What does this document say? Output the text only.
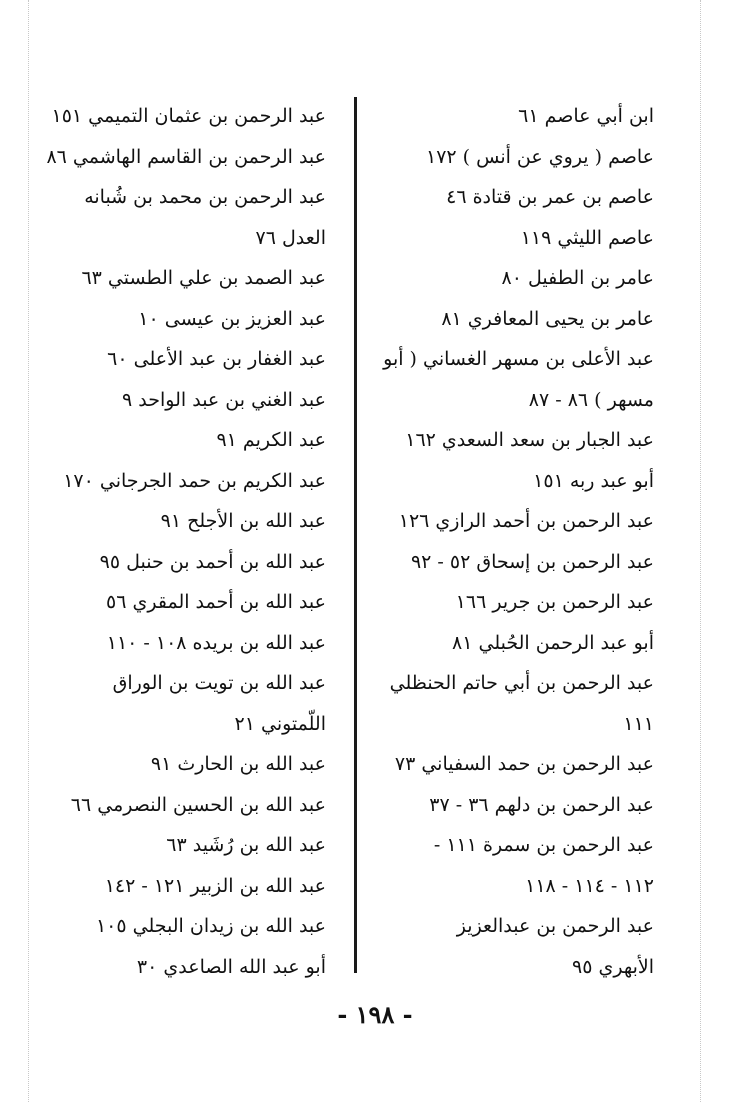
ابن أبي عاصم ٦١
عاصم ( يروي عن أنس ) ١٧٢
عاصم بن عمر بن قتادة ٤٦
عاصم الليثي ١١٩
عامر بن الطفيل ٨٠
عامر بن يحيى المعافري ٨١
عبد الأعلى بن مسهر الغساني ( أبو
مسهر ) ٨٦ - ٨٧
عبد الجبار بن سعد السعدي ١٦٢
أبو عبد ربه ١٥١
عبد الرحمن بن أحمد الرازي ١٢٦
عبد الرحمن بن إسحاق ٥٢ - ٩٢
عبد الرحمن بن جرير ١٦٦
أبو عبد الرحمن الحُبلي ٨١
عبد الرحمن بن أبي حاتم الحنظلي
١١١
عبد الرحمن بن حمد السفياني ٧٣
عبد الرحمن بن دلهم ٣٦ - ٣٧
عبد الرحمن بن سمرة ١١١ -
١١٢ - ١١٤ - ١١٨
عبد الرحمن بن عبدالعزيز
الأبهري ٩٥
عبد الرحمن بن عثمان التميمي ١٥١
عبد الرحمن بن القاسم الهاشمي ٨٦
عبد الرحمن بن محمد بن شُبانه
العدل ٧٦
عبد الصمد بن علي الطستي ٦٣
عبد العزيز بن عيسى ١٠
عبد الغفار بن عبد الأعلى ٦٠
عبد الغني بن عبد الواحد ٩
عبد الكريم ٩١
عبد الكريم بن حمد الجرجاني ١٧٠
عبد الله بن الأجلح ٩١
عبد الله بن أحمد بن حنبل ٩٥
عبد الله بن أحمد المقري ٥٦
عبد الله بن بريده ١٠٨ - ١١٠
عبد الله بن تويت بن الوراق
اللّمتوني ٢١
عبد الله بن الحارث ٩١
عبد الله بن الحسين النصرمي ٦٦
عبد الله بن رُشَيد ٦٣
عبد الله بن الزبير ١٢١ - ١٤٢
عبد الله بن زيدان البجلي ١٠٥
أبو عبد الله الصاعدي ٣٠
- ١٩٨ -
